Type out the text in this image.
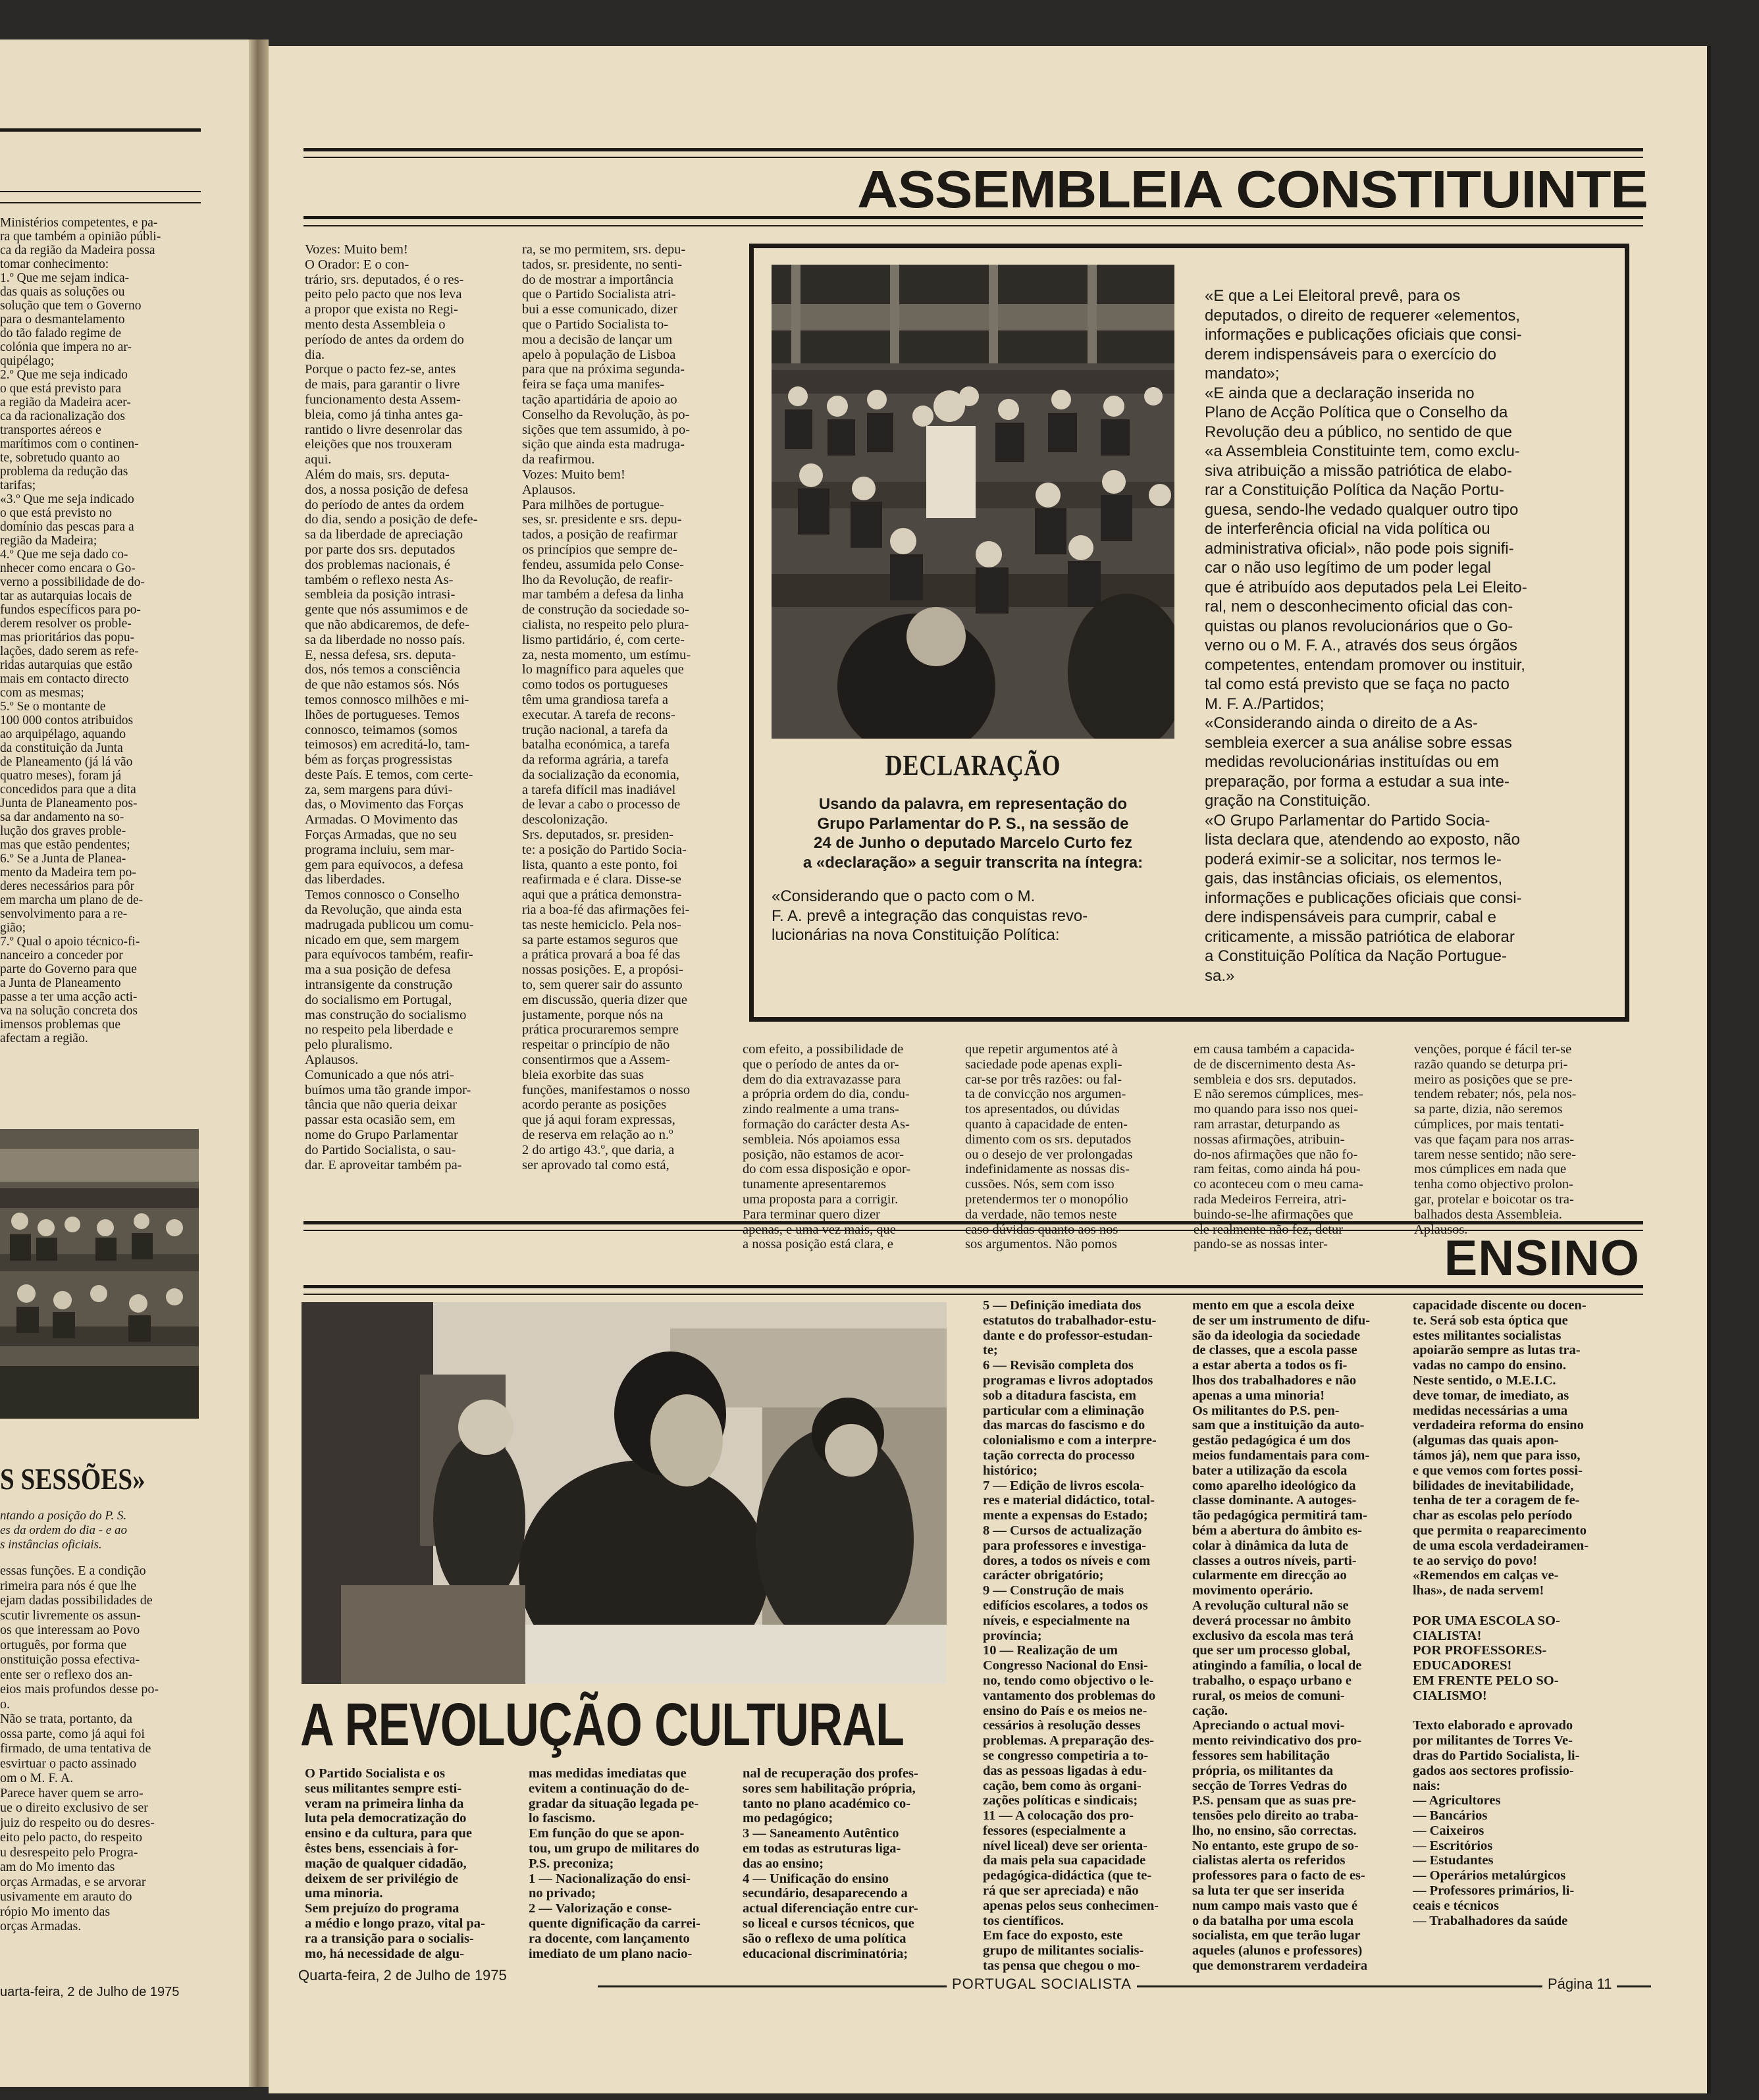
Ministérios competentes, e pa-
ra que também a opinião públi-
ca da região da Madeira possa
tomar conhecimento:
1.º Que me sejam indica-
das quais as soluções ou
solução que tem o Governo
para o desmantelamento
do tão falado regime de
colónia que impera no ar-
quipélago;
2.º Que me seja indicado
o que está previsto para
a região da Madeira acer-
ca da racionalização dos
transportes aéreos e
marítimos com o continen-
te, sobretudo quanto ao
problema da redução das
tarifas;
«3.º Que me seja indicado
o que está previsto no
domínio das pescas para a
região da Madeira;
4.º Que me seja dado co-
nhecer como encara o Go-
verno a possibilidade de do-
tar as autarquias locais de
fundos específicos para po-
derem resolver os proble-
mas prioritários das popu-
lações, dado serem as refe-
ridas autarquias que estão
mais em contacto directo
com as mesmas;
5.º Se o montante de
100 000 contos atribuidos
ao arquipélago, aquando
da constituição da Junta
de Planeamento (já lá vão
quatro meses), foram já
concedidos para que a dita
Junta de Planeamento pos-
sa dar andamento na so-
lução dos graves proble-
mas que estão pendentes;
6.º Se a Junta de Planea-
mento da Madeira tem po-
deres necessários para pôr
em marcha um plano de de-
senvolvimento para a re-
gião;
7.º Qual o apoio técnico-fi-
nanceiro a conceder por
parte do Governo para que
a Junta de Planeamento
passe a ter uma acção acti-
va na solução concreta dos
imensos problemas que
afectam a região.
S SESSÕES»
ntando a posição do P. S.
es da ordem do dia - e ao
s instâncias oficiais.
essas funções. E a condição
rimeira para nós é que lhe
ejam dadas possibilidades de
scutir livremente os assun-
os que interessam ao Povo
ortuguês, por forma que
onstituição possa efectiva-
ente ser o reflexo dos an-
eios mais profundos desse po-
o.
Não se trata, portanto, da
ossa parte, como já aqui foi
firmado, de uma tentativa de
esvirtuar o pacto assinado
om o M. F. A.
Parece haver quem se arro-
ue o direito exclusivo de ser
juiz do respeito ou do desres-
eito pelo pacto, do respeito
u desrespeito pelo Progra-
am do Mo imento das
orças Armadas, e se arvorar
usivamente em arauto do
rópio Mo imento das
orças Armadas.
uarta-feira, 2 de Julho de 1975
ASSEMBLEIA CONSTITUINTE
Vozes: Muito bem!
O Orador: E o con-
trário, srs. deputados, é o res-
peito pelo pacto que nos leva
a propor que exista no Regi-
mento desta Assembleia o
período de antes da ordem do
dia.
Porque o pacto fez-se, antes
de mais, para garantir o livre
funcionamento desta Assem-
bleia, como já tinha antes ga-
rantido o livre desenrolar das
eleições que nos trouxeram
aqui.
Além do mais, srs. deputa-
dos, a nossa posição de defesa
do período de antes da ordem
do dia, sendo a posição de defe-
sa da liberdade de apreciação
por parte dos srs. deputados
dos problemas nacionais, é
também o reflexo nesta As-
sembleia da posição intrasi-
gente que nós assumimos e de
que não abdicaremos, de defe-
sa da liberdade no nosso país.
E, nessa defesa, srs. deputa-
dos, nós temos a consciência
de que não estamos sós. Nós
temos connosco milhões e mi-
lhões de portugueses. Temos
connosco, teimamos (somos
teimosos) em acreditá-lo, tam-
bém as forças progressistas
deste País. E temos, com certe-
za, sem margens para dúvi-
das, o Movimento das Forças
Armadas. O Movimento das
Forças Armadas, que no seu
programa incluiu, sem mar-
gem para equívocos, a defesa
das liberdades.
Temos connosco o Conselho
da Revolução, que ainda esta
madrugada publicou um comu-
nicado em que, sem margem
para equívocos também, reafir-
ma a sua posição de defesa
intransigente da construção
do socialismo em Portugal,
mas construção do socialismo
no respeito pela liberdade e
pelo pluralismo.
Aplausos.
Comunicado a que nós atri-
buímos uma tão grande impor-
tância que não queria deixar
passar esta ocasião sem, em
nome do Grupo Parlamentar
do Partido Socialista, o sau-
dar. E aproveitar também pa-
ra, se mo permitem, srs. depu-
tados, sr. presidente, no senti-
do de mostrar a importância
que o Partido Socialista atri-
bui a esse comunicado, dizer
que o Partido Socialista to-
mou a decisão de lançar um
apelo à população de Lisboa
para que na próxima segunda-
feira se faça uma manifes-
tação apartidária de apoio ao
Conselho da Revolução, às po-
sições que tem assumido, à po-
sição que ainda esta madruga-
da reafirmou.
Vozes: Muito bem!
Aplausos.
Para milhões de portugue-
ses, sr. presidente e srs. depu-
tados, a posição de reafirmar
os princípios que sempre de-
fendeu, assumida pelo Conse-
lho da Revolução, de reafir-
mar também a defesa da linha
de construção da sociedade so-
cialista, no respeito pelo plura-
lismo partidário, é, com certe-
za, nesta momento, um estímu-
lo magnífico para aqueles que
como todos os portugueses
têm uma grandiosa tarefa a
executar. A tarefa de recons-
trução nacional, a tarefa da
batalha económica, a tarefa
da reforma agrária, a tarefa
da socialização da economia,
a tarefa difícil mas inadiável
de levar a cabo o processo de
descolonização.
Srs. deputados, sr. presiden-
te: a posição do Partido Socia-
lista, quanto a este ponto, foi
reafirmada e é clara. Disse-se
aqui que a prática demonstra-
ria a boa-fé das afirmações fei-
tas neste hemiciclo. Pela nos-
sa parte estamos seguros que
a prática provará a boa fé das
nossas posições. E, a propósi-
to, sem querer sair do assunto
em discussão, queria dizer que
justamente, porque nós na
prática procuraremos sempre
respeitar o princípio de não
consentirmos que a Assem-
bleia exorbite das suas
funções, manifestamos o nosso
acordo perante as posições
que já aqui foram expressas,
de reserva em relação ao n.º
2 do artigo 43.º, que daria, a
ser aprovado tal como está,
DECLARAÇÃO
Usando da palavra, em representação do
Grupo Parlamentar do P. S., na sessão de
24 de Junho o deputado Marcelo Curto fez
a «declaração» a seguir transcrita na íntegra:
«Considerando que o pacto com o M.
F. A. prevê a integração das conquistas revo-
lucionárias na nova Constituição Política:
«E que a Lei Eleitoral prevê, para os
deputados, o direito de requerer «elementos,
informações e publicações oficiais que consi-
derem indispensáveis para o exercício do
mandato»;
«E ainda que a declaração inserida no
Plano de Acção Política que o Conselho da
Revolução deu a público, no sentido de que
«a Assembleia Constituinte tem, como exclu-
siva atribuição a missão patriótica de elabo-
rar a Constituição Política da Nação Portu-
guesa, sendo-lhe vedado qualquer outro tipo
de interferência oficial na vida política ou
administrativa oficial», não pode pois signifi-
car o não uso legítimo de um poder legal
que é atribuído aos deputados pela Lei Eleito-
ral, nem o desconhecimento oficial das con-
quistas ou planos revolucionários que o Go-
verno ou o M. F. A., através dos seus órgãos
competentes, entendam promover ou instituir,
tal como está previsto que se faça no pacto
M. F. A./Partidos;
«Considerando ainda o direito de a As-
sembleia exercer a sua análise sobre essas
medidas revolucionárias instituídas ou em
preparação, por forma a estudar a sua inte-
gração na Constituição.
«O Grupo Parlamentar do Partido Socia-
lista declara que, atendendo ao exposto, não
poderá eximir-se a solicitar, nos termos le-
gais, das instâncias oficiais, os elementos,
informações e publicações oficiais que consi-
dere indispensáveis para cumprir, cabal e
criticamente, a missão patriótica de elaborar
a Constituição Política da Nação Portugue-
sa.»
com efeito, a possibilidade de
que o período de antes da or-
dem do dia extravazasse para
a própria ordem do dia, condu-
zindo realmente a uma trans-
formação do carácter desta As-
sembleia. Nós apoiamos essa
posição, não estamos de acor-
do com essa disposição e opor-
tunamente apresentaremos
uma proposta para a corrigir.
Para terminar quero dizer
apenas, e uma vez mais, que
a nossa posição está clara, e
que repetir argumentos até à
saciedade pode apenas expli-
car-se por três razões: ou fal-
ta de convicção nos argumen-
tos apresentados, ou dúvidas
quanto à capacidade de enten-
dimento com os srs. deputados
ou o desejo de ver prolongadas
indefinidamente as nossas dis-
cussões. Nós, sem com isso
pretendermos ter o monopólio
da verdade, não temos neste
caso dúvidas quanto aos nos-
sos argumentos. Não pomos
em causa também a capacida-
de de discernimento desta As-
sembleia e dos srs. deputados.
E não seremos cúmplices, mes-
mo quando para isso nos quei-
ram arrastar, deturpando as
nossas afirmações, atribuin-
do-nos afirmações que não fo-
ram feitas, como ainda há pou-
co aconteceu com o meu cama-
rada Medeiros Ferreira, atri-
buindo-se-lhe afirmações que
ele realmente não fez, detur-
pando-se as nossas inter-
venções, porque é fácil ter-se
razão quando se deturpa pri-
meiro as posições que se pre-
tendem rebater; nós, pela nos-
sa parte, dizia, não seremos
cúmplices, por mais tentati-
vas que façam para nos arras-
tarem nesse sentido; não sere-
mos cúmplices em nada que
tenha como objectivo prolon-
gar, protelar e boicotar os tra-
balhados desta Assembleia.
Aplausos.
ENSINO
A REVOLUÇÃO CULTURAL
O Partido Socialista e os
seus militantes sempre esti-
veram na primeira linha da
luta pela democratização do
ensino e da cultura, para que
êstes bens, essenciais à for-
mação de qualquer cidadão,
deixem de ser privilégio de
uma minoria.
Sem prejuízo do programa
a médio e longo prazo, vital pa-
ra a transição para o socialis-
mo, há necessidade de algu-
mas medidas imediatas que
evitem a continuação do de-
gradar da situação legada pe-
lo fascismo.
Em função do que se apon-
tou, um grupo de militares do
P.S. preconiza;
1 — Nacionalização do ensi-
no privado;
2 — Valorização e conse-
quente dignificação da carrei-
ra docente, com lançamento
imediato de um plano nacio-
nal de recuperação dos profes-
sores sem habilitação própria,
tanto no plano académico co-
mo pedagógico;
3 — Saneamento Autêntico
em todas as estruturas liga-
das ao ensino;
4 — Unificação do ensino
secundário, desaparecendo a
actual diferenciação entre cur-
so liceal e cursos técnicos, que
são o reflexo de uma política
educacional discriminatória;
5 — Definição imediata dos
estatutos do trabalhador-estu-
dante e do professor-estudan-
te;
6 — Revisão completa dos
programas e livros adoptados
sob a ditadura fascista, em
particular com a eliminação
das marcas do fascismo e do
colonialismo e com a interpre-
tação correcta do processo
histórico;
7 — Edição de livros escola-
res e material didáctico, total-
mente a expensas do Estado;
8 — Cursos de actualização
para professores e investiga-
dores, a todos os níveis e com
carácter obrigatório;
9 — Construção de mais
edifícios escolares, a todos os
níveis, e especialmente na
província;
10 — Realização de um
Congresso Nacional do Ensi-
no, tendo como objectivo o le-
vantamento dos problemas do
ensino do País e os meios ne-
cessários à resolução desses
problemas. A preparação des-
se congresso competiria a to-
das as pessoas ligadas à edu-
cação, bem como às organi-
zações políticas e sindicais;
11 — A colocação dos pro-
fessores (especialmente a
nível liceal) deve ser orienta-
da mais pela sua capacidade
pedagógica-didáctica (que te-
rá que ser apreciada) e não
apenas pelos seus conhecimen-
tos científicos.
Em face do exposto, este
grupo de militantes socialis-
tas pensa que chegou o mo-
mento em que a escola deixe
de ser um instrumento de difu-
são da ideologia da sociedade
de classes, que a escola passe
a estar aberta a todos os fi-
lhos dos trabalhadores e não
apenas a uma minoria!
Os militantes do P.S. pen-
sam que a instituição da auto-
gestão pedagógica é um dos
meios fundamentais para com-
bater a utilização da escola
como aparelho ideológico da
classe dominante. A autoges-
tão pedagógica permitirá tam-
bém a abertura do âmbito es-
colar à dinâmica da luta de
classes a outros níveis, parti-
cularmente em direcção ao
movimento operário.
A revolução cultural não se
deverá processar no âmbito
exclusivo da escola mas terá
que ser um processo global,
atingindo a família, o local de
trabalho, o espaço urbano e
rural, os meios de comuni-
cação.
Apreciando o actual movi-
mento reivindicativo dos pro-
fessores sem habilitação
própria, os militantes da
secção de Torres Vedras do
P.S. pensam que as suas pre-
tensões pelo direito ao traba-
lho, no ensino, são correctas.
No entanto, este grupo de so-
cialistas alerta os referidos
professores para o facto de es-
sa luta ter que ser inserida
num campo mais vasto que é
o da batalha por uma escola
socialista, em que terão lugar
aqueles (alunos e professores)
que demonstrarem verdadeira
capacidade discente ou docen-
te. Será sob esta óptica que
estes militantes socialistas
apoiarão sempre as lutas tra-
vadas no campo do ensino.
Neste sentido, o M.E.I.C.
deve tomar, de imediato, as
medidas necessárias a uma
verdadeira reforma do ensino
(algumas das quais apon-
támos já), nem que para isso,
e que vemos com fortes possi-
bilidades de inevitabilidade,
tenha de ter a coragem de fe-
char as escolas pelo período
que permita o reaparecimento
de uma escola verdadeiramen-
te ao serviço do povo!
«Remendos em calças ve-
lhas», de nada servem!

POR UMA ESCOLA SO-
CIALISTA!
POR PROFESSORES-
EDUCADORES!
EM FRENTE PELO SO-
CIALISMO!

Texto elaborado e aprovado
por militantes de Torres Ve-
dras do Partido Socialista, li-
gados aos sectores profissio-
nais:
— Agricultores
— Bancários
— Caixeiros
— Escritórios
— Estudantes
— Operários metalúrgicos
— Professores primários, li-
ceais e técnicos
— Trabalhadores da saúde
Quarta-feira, 2 de Julho de 1975
PORTUGAL SOCIALISTA	Página 11
